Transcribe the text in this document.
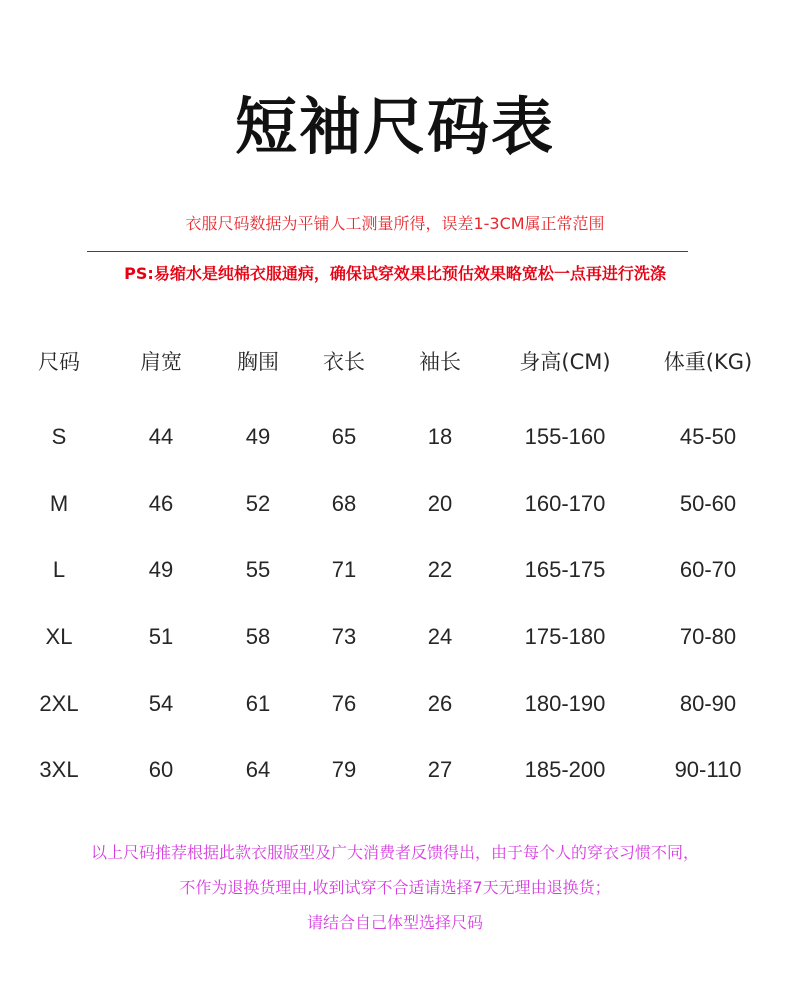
短袖尺码表
衣服尺码数据为平铺人工测量所得，误差1-3CM属正常范围
PS:易缩水是纯棉衣服通病，确保试穿效果比预估效果略宽松一点再进行洗涤
尺码	肩宽	胸围	衣长	袖长	身高(CM)	体重(KG)

S	44	49	65	18	155-160	45-50
M	46	52	68	20	160-170	50-60
L	49	55	71	22	165-175	60-70
XL	51	58	73	24	175-180	70-80
2XL	54	61	76	26	180-190	80-90
3XL	60	64	79	27	185-200	90-110
以上尺码推荐根据此款衣服版型及广大消费者反馈得出，由于每个人的穿衣习惯不同，
不作为退换货理由,收到试穿不合适请选择7天无理由退换货；
请结合自己体型选择尺码
